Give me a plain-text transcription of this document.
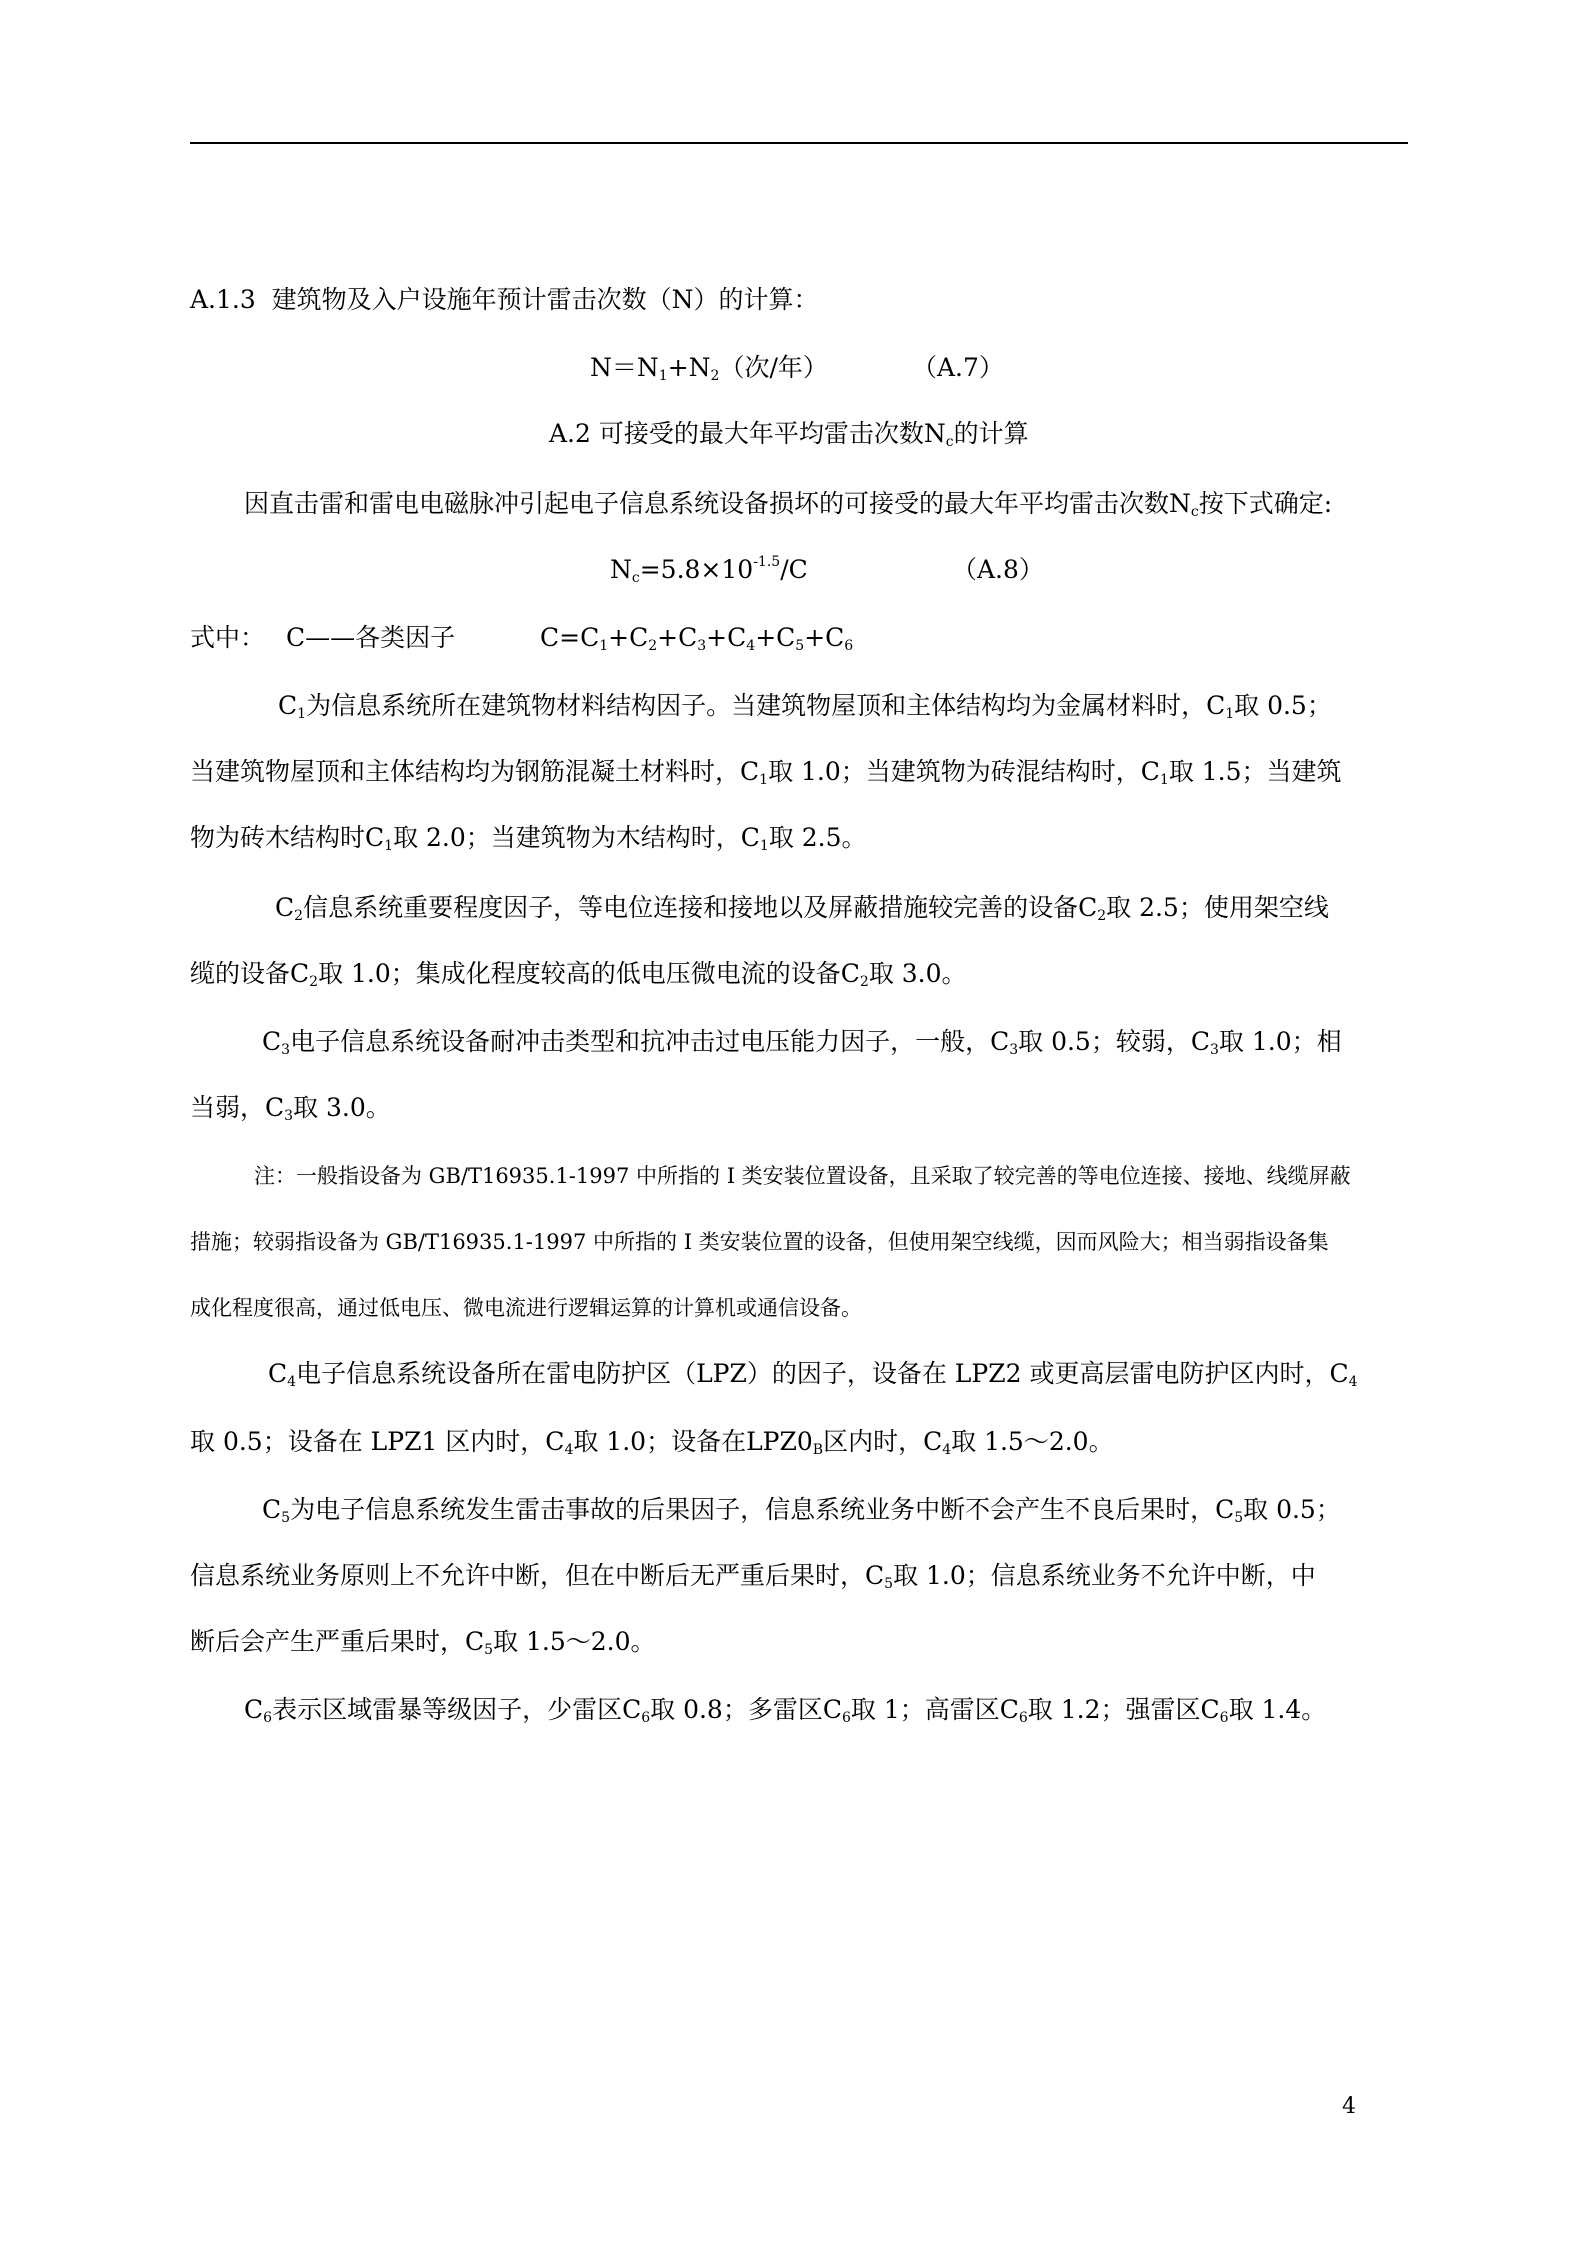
A.1.3 建筑物及入户设施年预计雷击次数（N）的计算：
$N=N_1+N_2$（次/年）	（A.7）
A.2 可接受的最大年平均雷击次数$N_c$的计算
因直击雷和雷电电磁脉冲引起电子信息系统设备损坏的可接受的最大年平均雷击次数$N_c$按下式确定:
$N_c=5.8\times 10^{-1.5}/C$	（A.8）
式中： C——各类因子	$C=C_1+C_2+C_3+C_4+C_5+C_6$
$C_1$为信息系统所在建筑物材料结构因子。当建筑物屋顶和主体结构均为金属材料时，$C_1$取 0.5；
当建筑物屋顶和主体结构均为钢筋混凝土材料时，$C_1$取 1.0；当建筑物为砖混结构时，$C_1$取 1.5；当建筑
物为砖木结构时$C_1$取 2.0；当建筑物为木结构时，$C_1$取 2.5。
$C_2$信息系统重要程度因子，等电位连接和接地以及屏蔽措施较完善的设备$C_2$取 2.5；使用架空线
缆的设备$C_2$取 1.0；集成化程度较高的低电压微电流的设备$C_2$取 3.0。
$C_3$电子信息系统设备耐冲击类型和抗冲击过电压能力因子，一般，$C_3$取 0.5；较弱，$C_3$取 1.0；相
当弱，$C_3$取 3.0。
注：一般指设备为 GB/T16935.1-1997 中所指的 I 类安装位置设备，且采取了较完善的等电位连接、接地、线缆屏蔽
措施；较弱指设备为 GB/T16935.1-1997 中所指的 I 类安装位置的设备，但使用架空线缆，因而风险大；相当弱指设备集
成化程度很高，通过低电压、微电流进行逻辑运算的计算机或通信设备。
$C_4$电子信息系统设备所在雷电防护区（LPZ）的因子，设备在 LPZ2 或更高层雷电防护区内时，$C_4$
取 0.5；设备在 LPZ1 区内时，$C_4$取 1.0；设备在$LPZ0_B$区内时，$C_4$取 1.5～2.0。
$C_5$为电子信息系统发生雷击事故的后果因子，信息系统业务中断不会产生不良后果时，$C_5$取 0.5；
信息系统业务原则上不允许中断，但在中断后无严重后果时，$C_5$取 1.0；信息系统业务不允许中断，中
断后会产生严重后果时，$C_5$取 1.5～2.0。
$C_6$表示区域雷暴等级因子，少雷区$C_6$取 0.8；多雷区$C_6$取 1；高雷区$C_6$取 1.2；强雷区$C_6$取 1.4。
4
